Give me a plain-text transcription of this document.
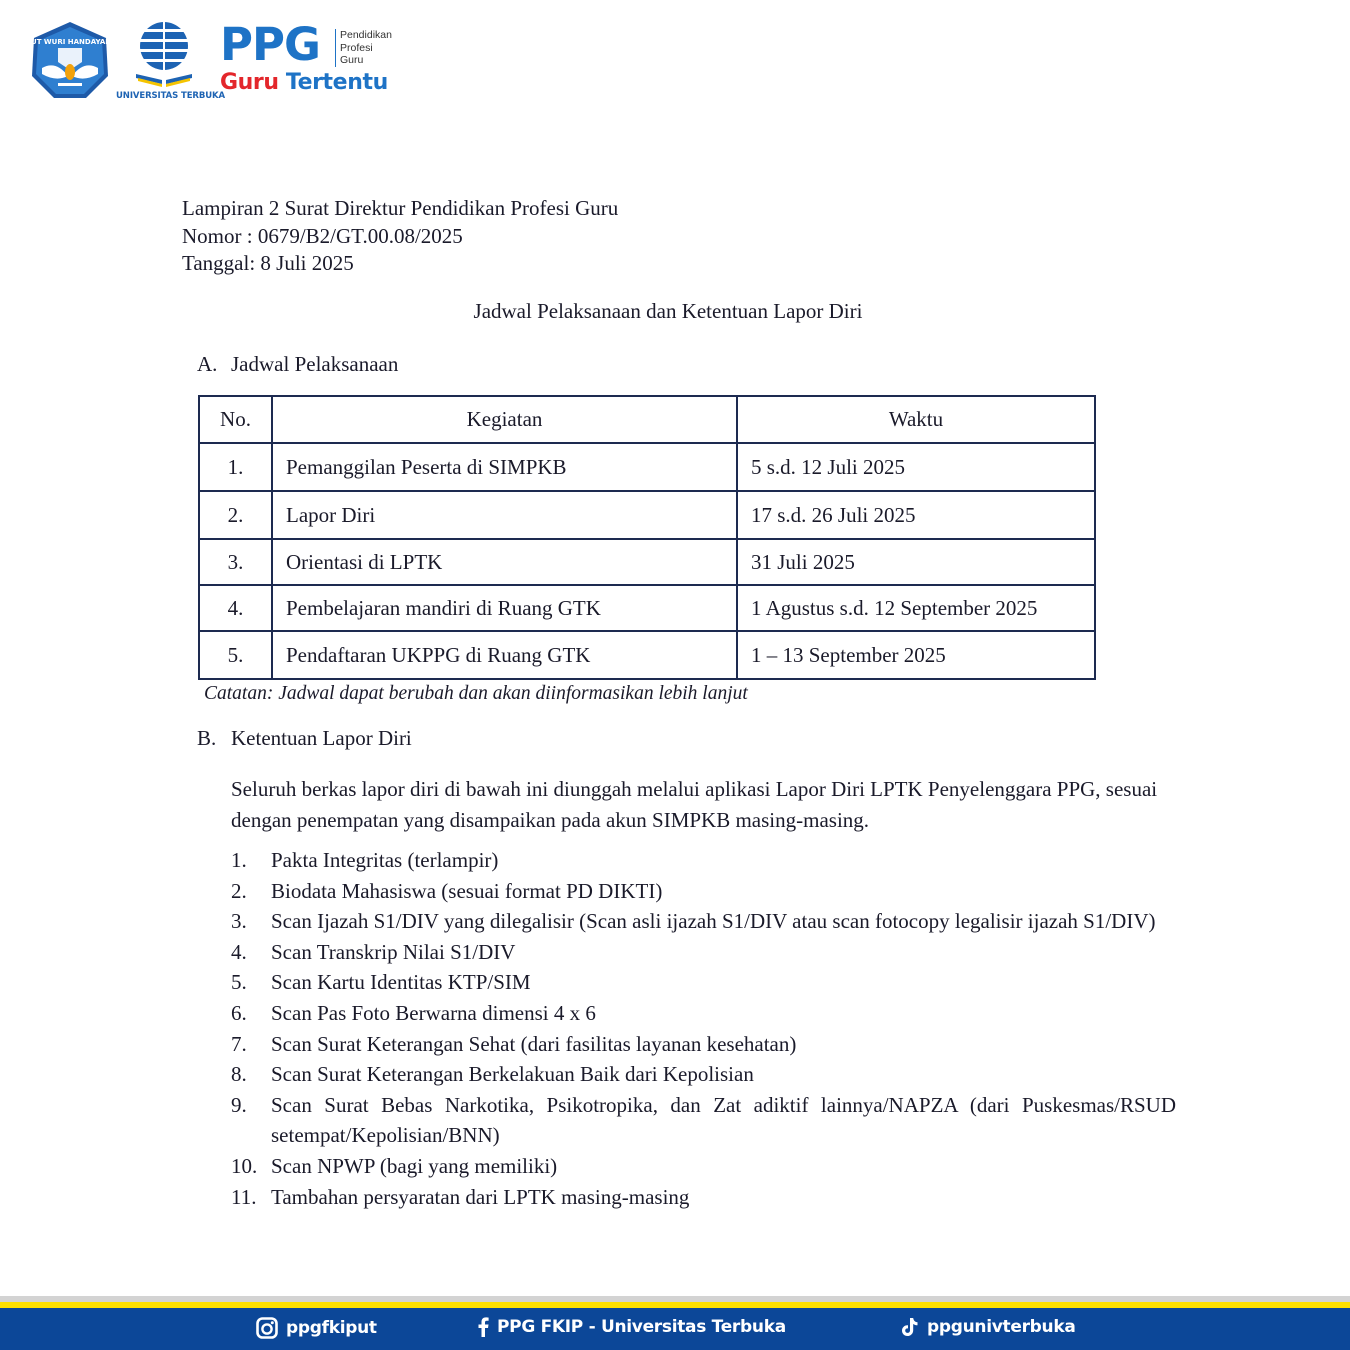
TUT WURI HANDAYANI
UNIVERSITAS TERBUKA
PPG Pendidikan
Profesi
Guru
Guru Tertentu
Lampiran 2 Surat Direktur Pendidikan Profesi Guru
Nomor : 0679/B2/GT.00.08/2025
Tanggal:
8 Juli 2025
Jadwal Pelaksanaan dan Ketentuan Lapor Diri
A. Jadwal Pelaksanaan
No.	Kegiatan	Waktu
1.	Pemanggilan Peserta di SIMPKB	5 s.d. 12 Juli 2025
2.	Lapor Diri	17 s.d. 26 Juli 2025
3.	Orientasi di LPTK	31 Juli 2025
4.	Pembelajaran mandiri di Ruang GTK	1 Agustus s.d. 12 September 2025
5.	Pendaftaran UKPPG di Ruang GTK	1 – 13 September 2025
Catatan: Jadwal dapat berubah dan akan diinformasikan lebih lanjut
B. Ketentuan Lapor Diri

Seluruh berkas lapor diri di bawah ini diunggah melalui aplikasi Lapor Diri LPTK Penyelenggara PPG, sesuai dengan penempatan yang disampaikan pada akun SIMPKB masing-masing.

1.	Pakta Integritas (terlampir)
2.	Biodata Mahasiswa (sesuai format PD DIKTI)
3.	Scan Ijazah S1/DIV yang dilegalisir (Scan asli ijazah S1/DIV atau scan fotocopy legalisir ijazah S1/DIV)
4.	Scan Transkrip Nilai S1/DIV
5.	Scan Kartu Identitas KTP/SIM
6.	Scan Pas Foto Berwarna dimensi 4 x 6
7.	Scan Surat Keterangan Sehat (dari fasilitas layanan kesehatan)
8.	Scan Surat Keterangan Berkelakuan Baik dari Kepolisian
9.	Scan Surat Bebas Narkotika, Psikotropika, dan Zat adiktif lainnya/NAPZA (dari Puskesmas/RSUD setempat/Kepolisian/BNN)
10. Scan NPWP (bagi yang memiliki)
11. Tambahan persyaratan dari LPTK masing-masing
ppgfkiput	PPG FKIP - Universitas Terbuka	ppgunivterbuka
